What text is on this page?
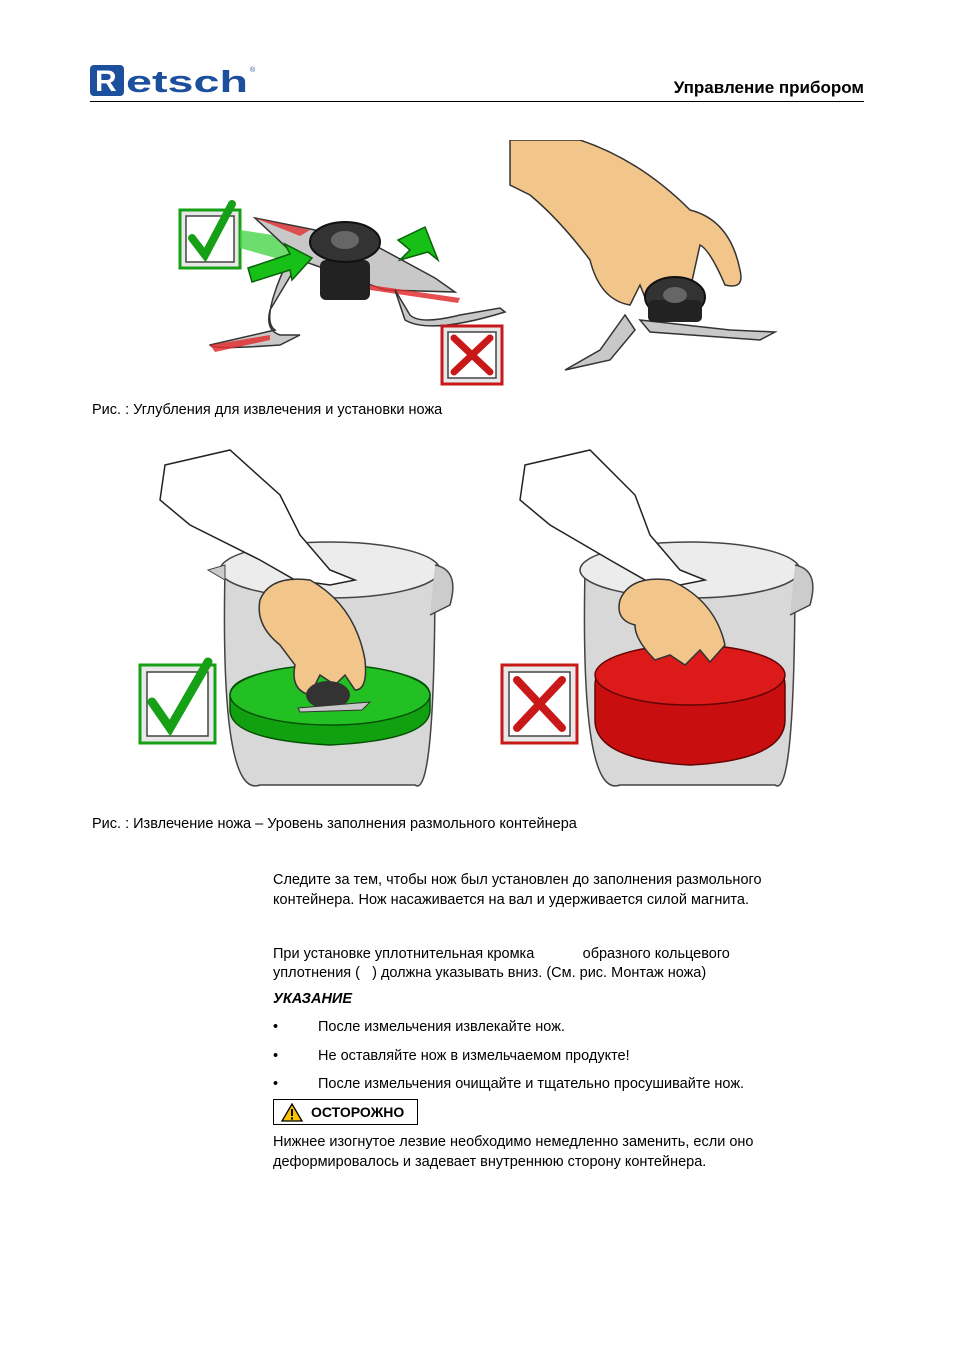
R etsch ®
Управление прибором
Рис. : Углубления для извлечения и установки ножа
Рис. : Извлечение ножа – Уровень заполнения размольного контейнера
Следите за тем, чтобы нож был установлен до заполнения размольного контейнера. Нож насаживается на вал и удерживается силой магнита.
При установке уплотнительная кромка            образного кольцевого
уплотнения (   ) должна указывать вниз. (См. рис. Монтаж ножа)
УКАЗАНИЕ
•	После измельчения извлекайте нож.
•	Не оставляйте нож в измельчаемом продукте!
•	После измельчения очищайте и тщательно просушивайте нож.
ОСТОРОЖНО
Нижнее изогнутое лезвие необходимо немедленно заменить, если оно деформировалось и задевает внутреннюю сторону контейнера.
